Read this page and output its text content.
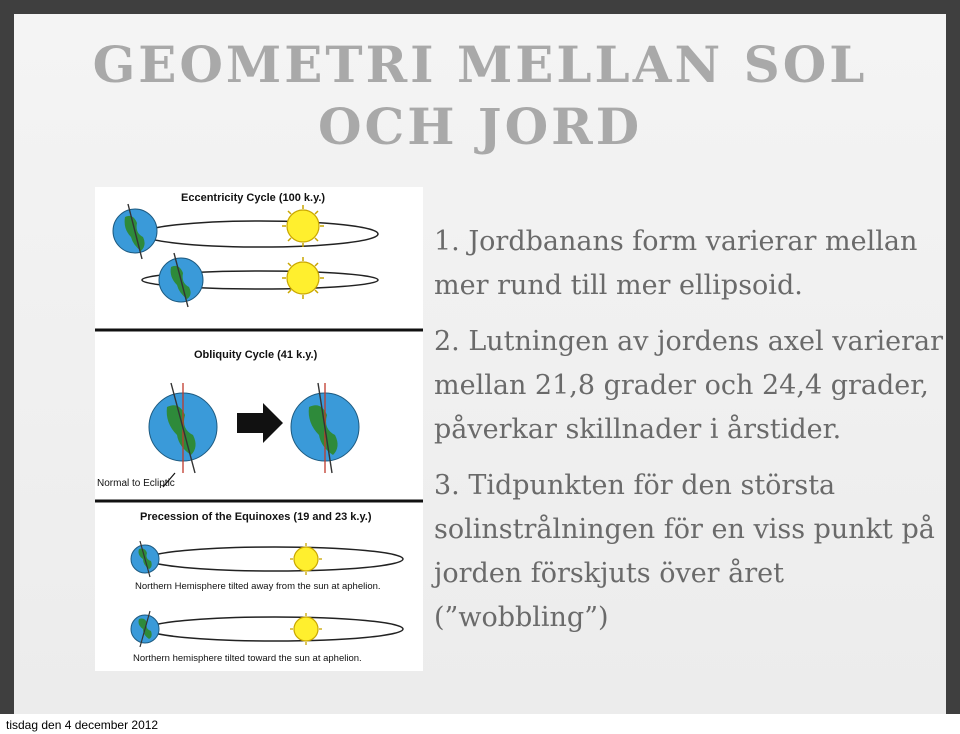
tisdag den 4 december 2012
GEOMETRI MELLAN SOL
OCH JORD
Eccentricity Cycle (100 k.y.)
Obliquity Cycle (41 k.y.)
Normal to Ecliptic
Precession of the Equinoxes (19 and 23 k.y.)
Northern Hemisphere tilted away from the sun at aphelion.
Northern hemisphere tilted toward the sun at aphelion.

1. Jordbanans form varierar mellan mer rund till mer ellipsoid.

2. Lutningen av jordens axel varierar mellan 21,8 grader och 24,4 grader, påverkar skillnader i årstider.

3. Tidpunkten för den största solinstrålningen för en viss punkt på jorden förskjuts över året (”wobbling”)
